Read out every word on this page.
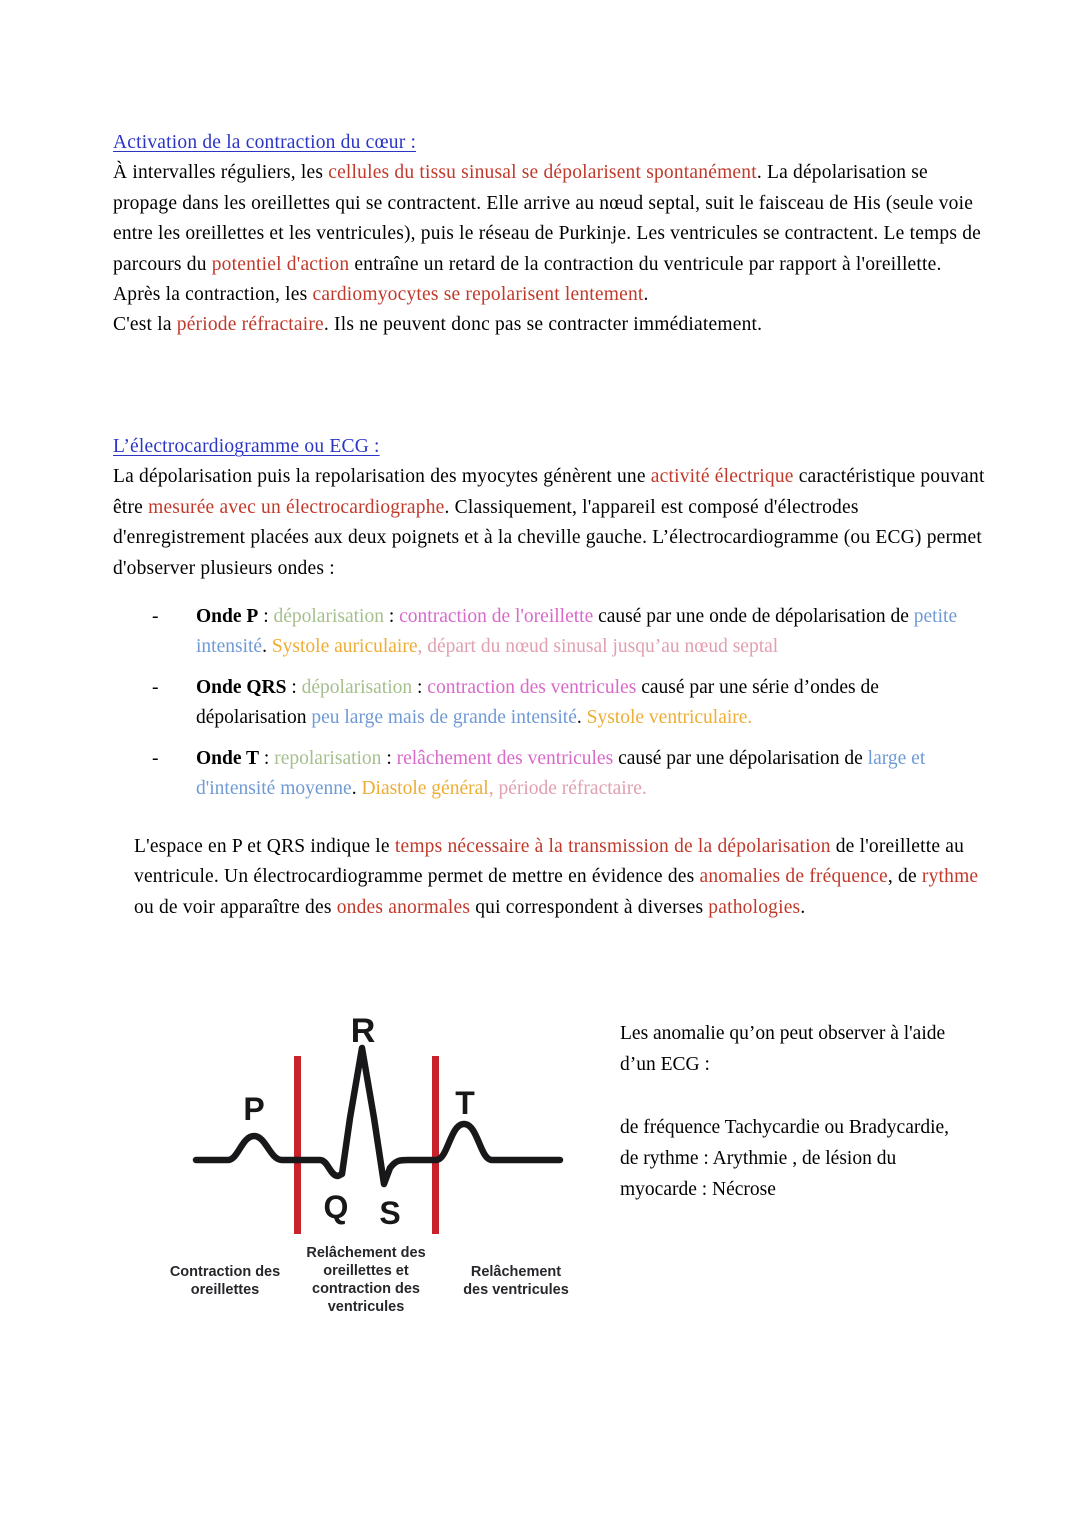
Activation de la contraction du cœur :
À intervalles réguliers, les cellules du tissu sinusal se dépolarisent spontanément. La dépolarisation se propage dans les oreillettes qui se contractent. Elle arrive au nœud septal, suit le faisceau de His (seule voie entre les oreillettes et les ventricules), puis le réseau de Purkinje. Les ventricules se contractent. Le temps de parcours du potentiel d'action entraîne un retard de la contraction du ventricule par rapport à l'oreillette. Après la contraction, les cardiomyocytes se repolarisent lentement.
C'est la période réfractaire. Ils ne peuvent donc pas se contracter immédiatement.
L’électrocardiogramme ou ECG :
La dépolarisation puis la repolarisation des myocytes génèrent une activité électrique caractéristique pouvant être mesurée avec un électrocardiographe. Classiquement, l'appareil est composé d'électrodes d'enregistrement placées aux deux poignets et à la cheville gauche. L’électrocardiogramme (ou ECG) permet d'observer plusieurs ondes :
-	Onde P : dépolarisation : contraction de l'oreillette causé par une onde de dépolarisation de petite intensité. Systole auriculaire, départ du nœud sinusal jusqu’au nœud septal
-	Onde QRS : dépolarisation : contraction des ventricules causé par une série d’ondes de dépolarisation peu large mais de grande intensité. Systole ventriculaire.
-	Onde T : repolarisation : relâchement des ventricules causé par une dépolarisation de large et d'intensité moyenne. Diastole général, période réfractaire.
L'espace en P et QRS indique le temps nécessaire à la transmission de la dépolarisation de l'oreillette au ventricule. Un électrocardiogramme permet de mettre en évidence des anomalies de fréquence, de rythme ou de voir apparaître des ondes anormales qui correspondent à diverses pathologies.
P
R
Q S
T
Contraction des
oreillettes
Relâchement des
oreillettes et
contraction des
ventricules
Relâchement
des ventricules
Les anomalie qu’on peut observer à l'aide
d’un ECG :
de fréquence Tachycardie ou Bradycardie,
de rythme : Arythmie , de lésion du
myocarde : Nécrose
